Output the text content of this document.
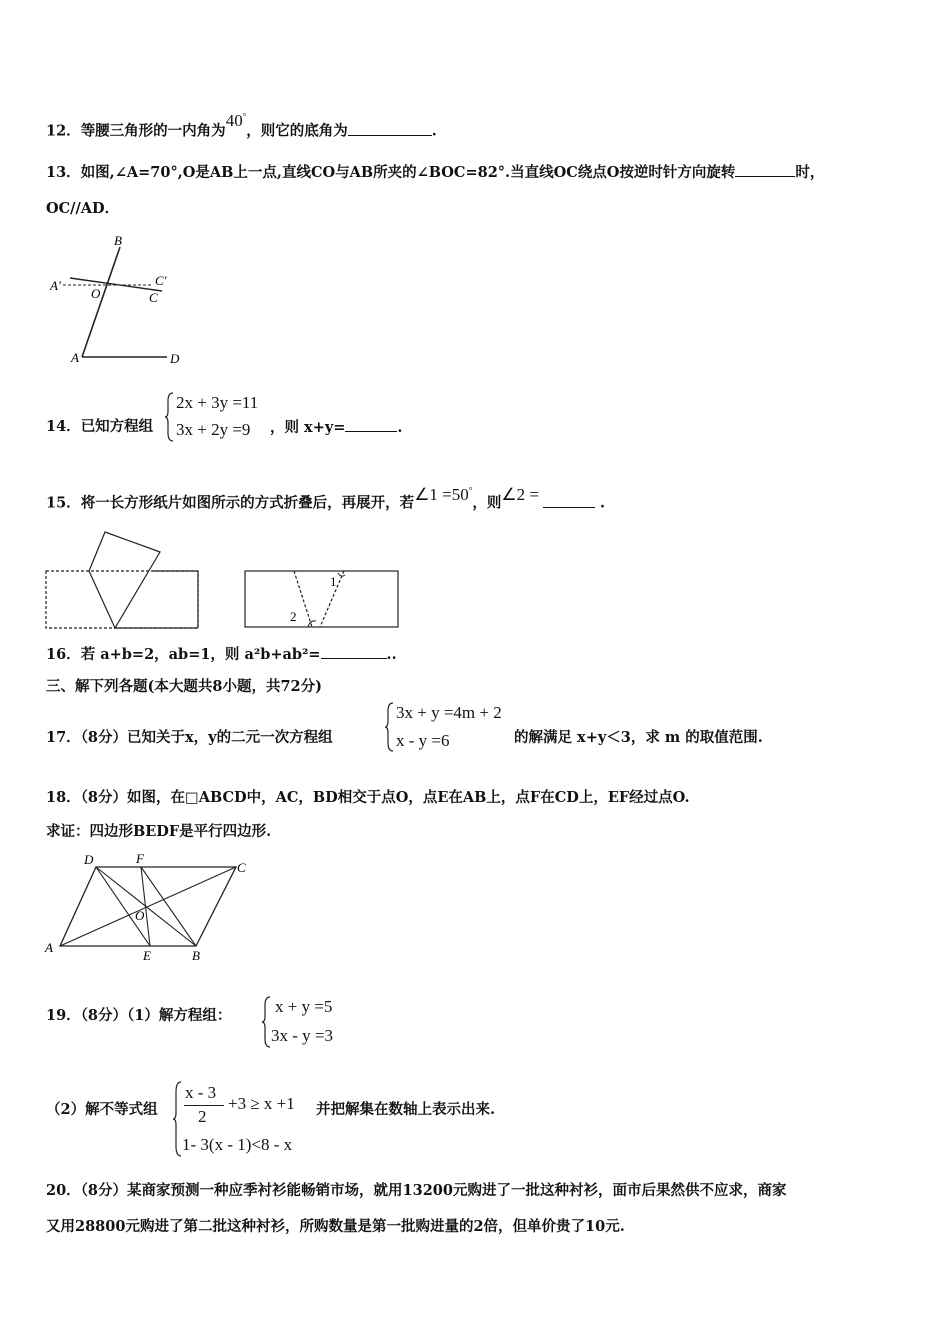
12．等腰三角形的一内角为40°，则它的底角为	.
13．如图,∠A=70°,O是AB上一点,直线CO与AB所夹的∠BOC=82°.当直线OC绕点O按逆时针方向旋转	时，
OC//AD．
B
A'
O
C'
C
A	D
14．已知方程组
2x + 3y =11
3x + 2y =9 ，则 x+y=	.
15．将一长方形纸片如图所示的方式折叠后，再展开，若∠1 =50°，则∠2 =	.
1
2
16．若 a+b=2，ab=1，则 a²b+ab²=	..
三、解下列各题(本大题共8小题，共72分)
17．（8分）已知关于x，y的二元一次方程组
3x + y =4m + 2
x - y =6	的解满足 x+y＜3，求 m 的取值范围.
18．（8分）如图，在□ABCD中，AC，BD相交于点O，点E在AB上，点F在CD上，EF经过点O.
求证：四边形BEDF是平行四边形.
D	F
C
O
A
E	B
19．（8分）（1）解方程组：	x + y =5
3x - y =3
（2）解不等式组
x - 3
2
+3 ≥ x +1
1- 3(x - 1)<8 - x
并把解集在数轴上表示出来.
20．（8分）某商家预测一种应季衬衫能畅销市场，就用13200元购进了一批这种衬衫，面市后果然供不应求，商家
又用28800元购进了第二批这种衬衫，所购数量是第一批购进量的2倍，但单价贵了10元.
